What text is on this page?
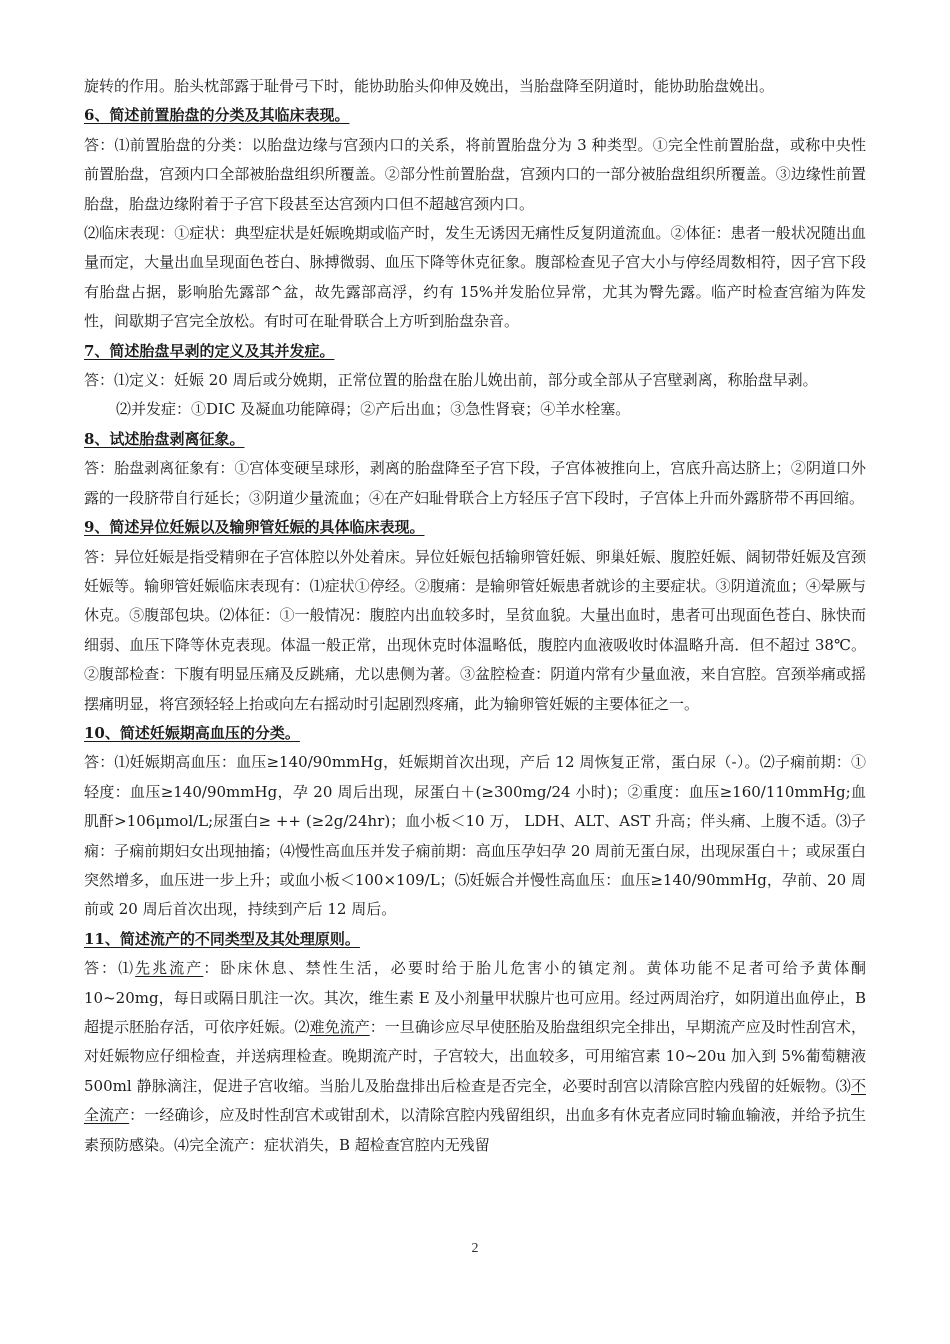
旋转的作用。胎头枕部露于耻骨弓下时，能协助胎头仰伸及娩出，当胎盘降至阴道时，能协助胎盘娩出。

6、简述前置胎盘的分类及其临床表现。

答：⑴前置胎盘的分类：以胎盘边缘与宫颈内口的关系，将前置胎盘分为 3 种类型。①完全性前置胎盘，或称中央性前置胎盘，宫颈内口全部被胎盘组织所覆盖。②部分性前置胎盘，宫颈内口的一部分被胎盘组织所覆盖。③边缘性前置胎盘，胎盘边缘附着于子宫下段甚至达宫颈内口但不超越宫颈内口。

⑵临床表现：①症状：典型症状是妊娠晚期或临产时，发生无诱因无痛性反复阴道流血。②体征：患者一般状况随出血量而定，大量出血呈现面色苍白、脉搏微弱、血压下降等休克征象。腹部检查见子宫大小与停经周数相符，因子宫下段有胎盘占据，影响胎先露部^盆，故先露部高浮，约有 15%并发胎位异常，尤其为臀先露。临产时检查宫缩为阵发性，间歇期子宫完全放松。有时可在耻骨联合上方听到胎盘杂音。

7、简述胎盘早剥的定义及其并发症。

答：⑴定义：妊娠 20 周后或分娩期，正常位置的胎盘在胎儿娩出前，部分或全部从子宫壁剥离，称胎盘早剥。

⑵并发症：①DIC 及凝血功能障碍；②产后出血；③急性肾衰；④羊水栓塞。

8、试述胎盘剥离征象。

答：胎盘剥离征象有：①宫体变硬呈球形，剥离的胎盘降至子宫下段，子宫体被推向上，宫底升高达脐上；②阴道口外露的一段脐带自行延长；③阴道少量流血；④在产妇耻骨联合上方轻压子宫下段时，子宫体上升而外露脐带不再回缩。

9、简述异位妊娠以及输卵管妊娠的具体临床表现。

答：异位妊娠是指受精卵在子宫体腔以外处着床。异位妊娠包括输卵管妊娠、卵巢妊娠、腹腔妊娠、阔韧带妊娠及宫颈妊娠等。输卵管妊娠临床表现有：⑴症状①停经。②腹痛：是输卵管妊娠患者就诊的主要症状。③阴道流血；④晕厥与休克。⑤腹部包块。⑵体征：①一般情况：腹腔内出血较多时，呈贫血貌。大量出血时，患者可出现面色苍白、脉快而细弱、血压下降等休克表现。体温一般正常，出现休克时体温略低，腹腔内血液吸收时体温略升高．但不超过 38℃。②腹部检查：下腹有明显压痛及反跳痛，尤以患侧为著。③盆腔检查：阴道内常有少量血液，来自宫腔。宫颈举痛或摇摆痛明显，将宫颈轻轻上抬或向左右摇动时引起剧烈疼痛，此为输卵管妊娠的主要体征之一。

10、简述妊娠期高血压的分类。

答：⑴妊娠期高血压：血压≥140/90mmHg，妊娠期首次出现，产后 12 周恢复正常，蛋白尿（-）。⑵子痫前期：①轻度：血压≥140/90mmHg，孕 20 周后出现，尿蛋白＋(≥300mg/24 小时)；②重度：血压≥160/110mmHg;血肌酐>106μmol/L;尿蛋白≥ ++ (≥2g/24hr)；血小板＜10 万， LDH、ALT、AST 升高；伴头痛、上腹不适。⑶子痫：子痫前期妇女出现抽搐；⑷慢性高血压并发子痫前期：高血压孕妇孕 20 周前无蛋白尿，出现尿蛋白＋；或尿蛋白突然增多，血压进一步上升；或血小板＜100×109/L；⑸妊娠合并慢性高血压：血压≥140/90mmHg，孕前、20 周前或 20 周后首次出现，持续到产后 12 周后。

11、简述流产的不同类型及其处理原则。

答：⑴先兆流产：卧床休息、禁性生活，必要时给于胎儿危害小的镇定剂。黄体功能不足者可给予黄体酮 10~20mg，每日或隔日肌注一次。其次，维生素 E 及小剂量甲状腺片也可应用。经过两周治疗，如阴道出血停止，B 超提示胚胎存活，可依序妊娠。⑵难免流产：一旦确诊应尽早使胚胎及胎盘组织完全排出，早期流产应及时性刮宫术，对妊娠物应仔细检查，并送病理检查。晚期流产时，子宫较大，出血较多，可用缩宫素 10~20u 加入到 5%葡萄糖液 500ml 静脉滴注，促进子宫收缩。当胎儿及胎盘排出后检查是否完全，必要时刮宫以清除宫腔内残留的妊娠物。⑶不全流产：一经确诊，应及时性刮宫术或钳刮术，以清除宫腔内残留组织，出血多有休克者应同时输血输液，并给予抗生素预防感染。⑷完全流产：症状消失，B 超检查宫腔内无残留

2
